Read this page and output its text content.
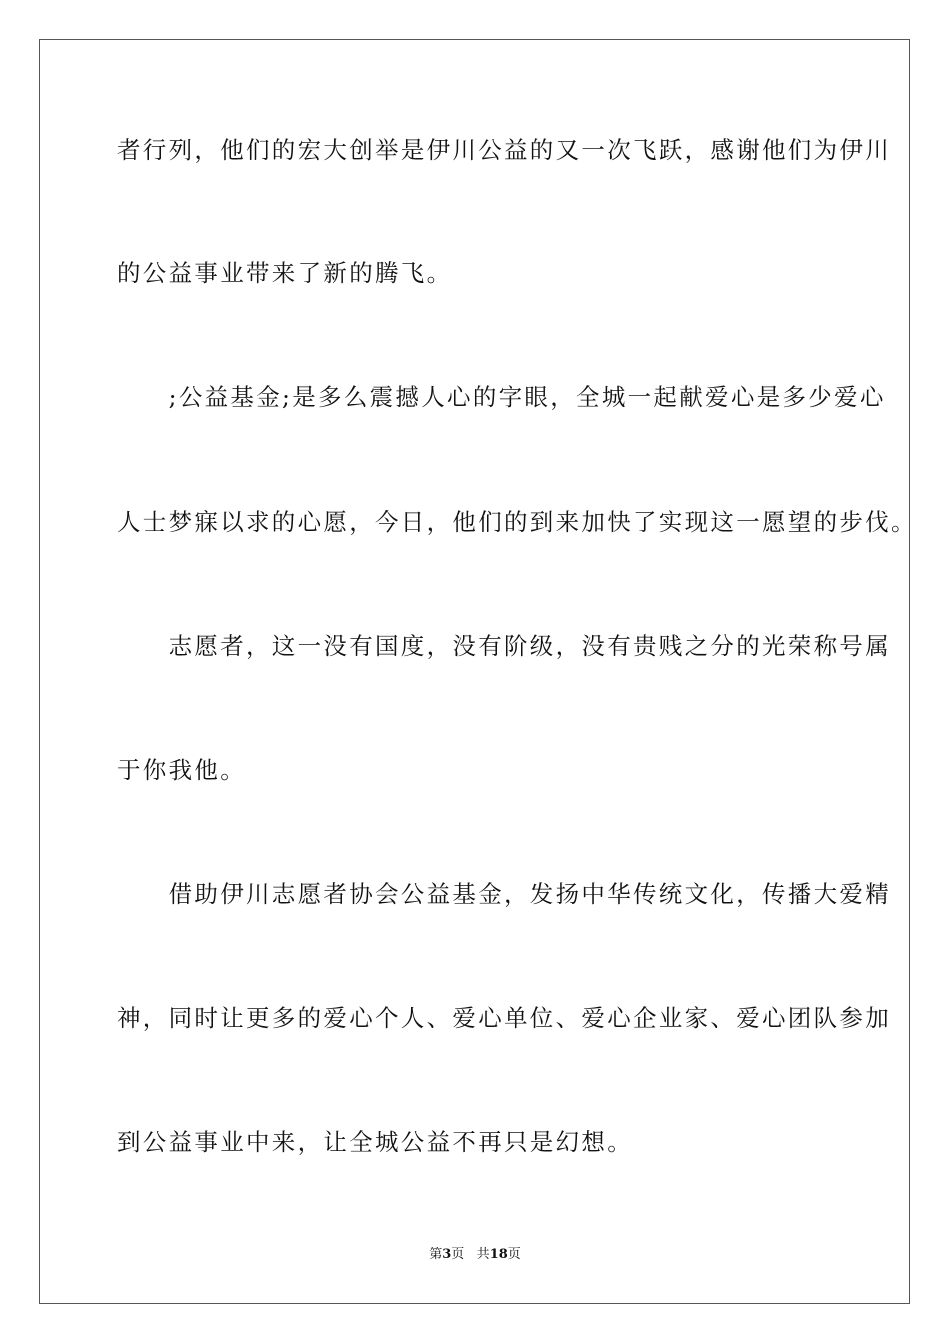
者行列，他们的宏大创举是伊川公益的又一次飞跃，感谢他们为伊川
的公益事业带来了新的腾飞。
　　;公益基金;是多么震撼人心的字眼，全城一起献爱心是多少爱心
人士梦寐以求的心愿，今日，他们的到来加快了实现这一愿望的步伐。
　　志愿者，这一没有国度，没有阶级，没有贵贱之分的光荣称号属
于你我他。
　　借助伊川志愿者协会公益基金，发扬中华传统文化，传播大爱精
神，同时让更多的爱心个人、爱心单位、爱心企业家、爱心团队参加
到公益事业中来，让全城公益不再只是幻想。
第3页 共18页
